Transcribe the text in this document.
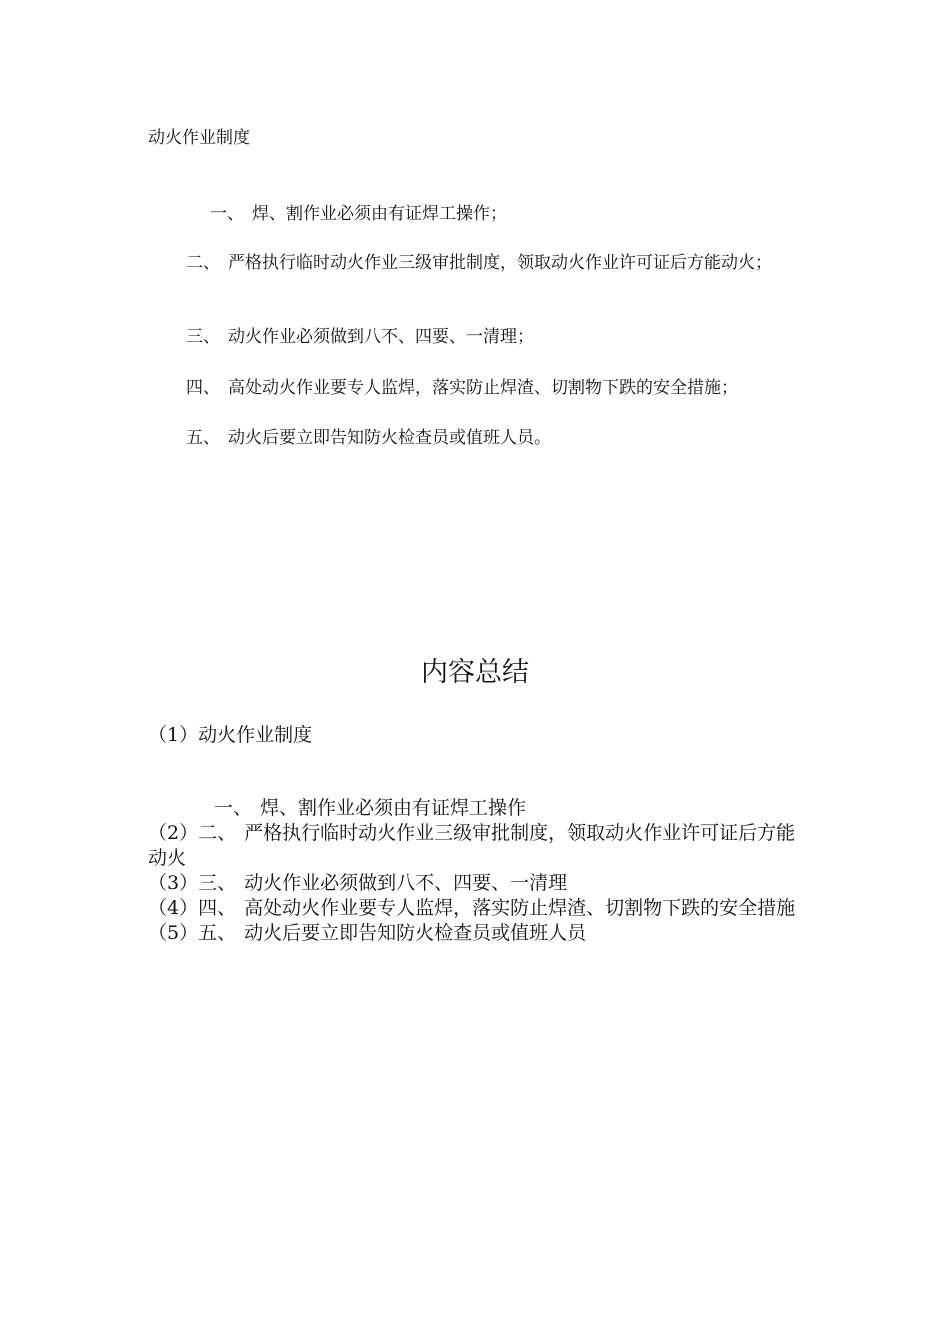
动火作业制度
一、 焊、割作业必须由有证焊工操作；
二、 严格执行临时动火作业三级审批制度，领取动火作业许可证后方能动火；
三、 动火作业必须做到八不、四要、一清理；
四、 高处动火作业要专人监焊，落实防止焊渣、切割物下跌的安全措施；
五、 动火后要立即告知防火检查员或值班人员。
内容总结
（1）动火作业制度
一、 焊、割作业必须由有证焊工操作
（2）二、 严格执行临时动火作业三级审批制度，领取动火作业许可证后方能动火
（3）三、 动火作业必须做到八不、四要、一清理
（4）四、 高处动火作业要专人监焊，落实防止焊渣、切割物下跌的安全措施
（5）五、 动火后要立即告知防火检查员或值班人员
